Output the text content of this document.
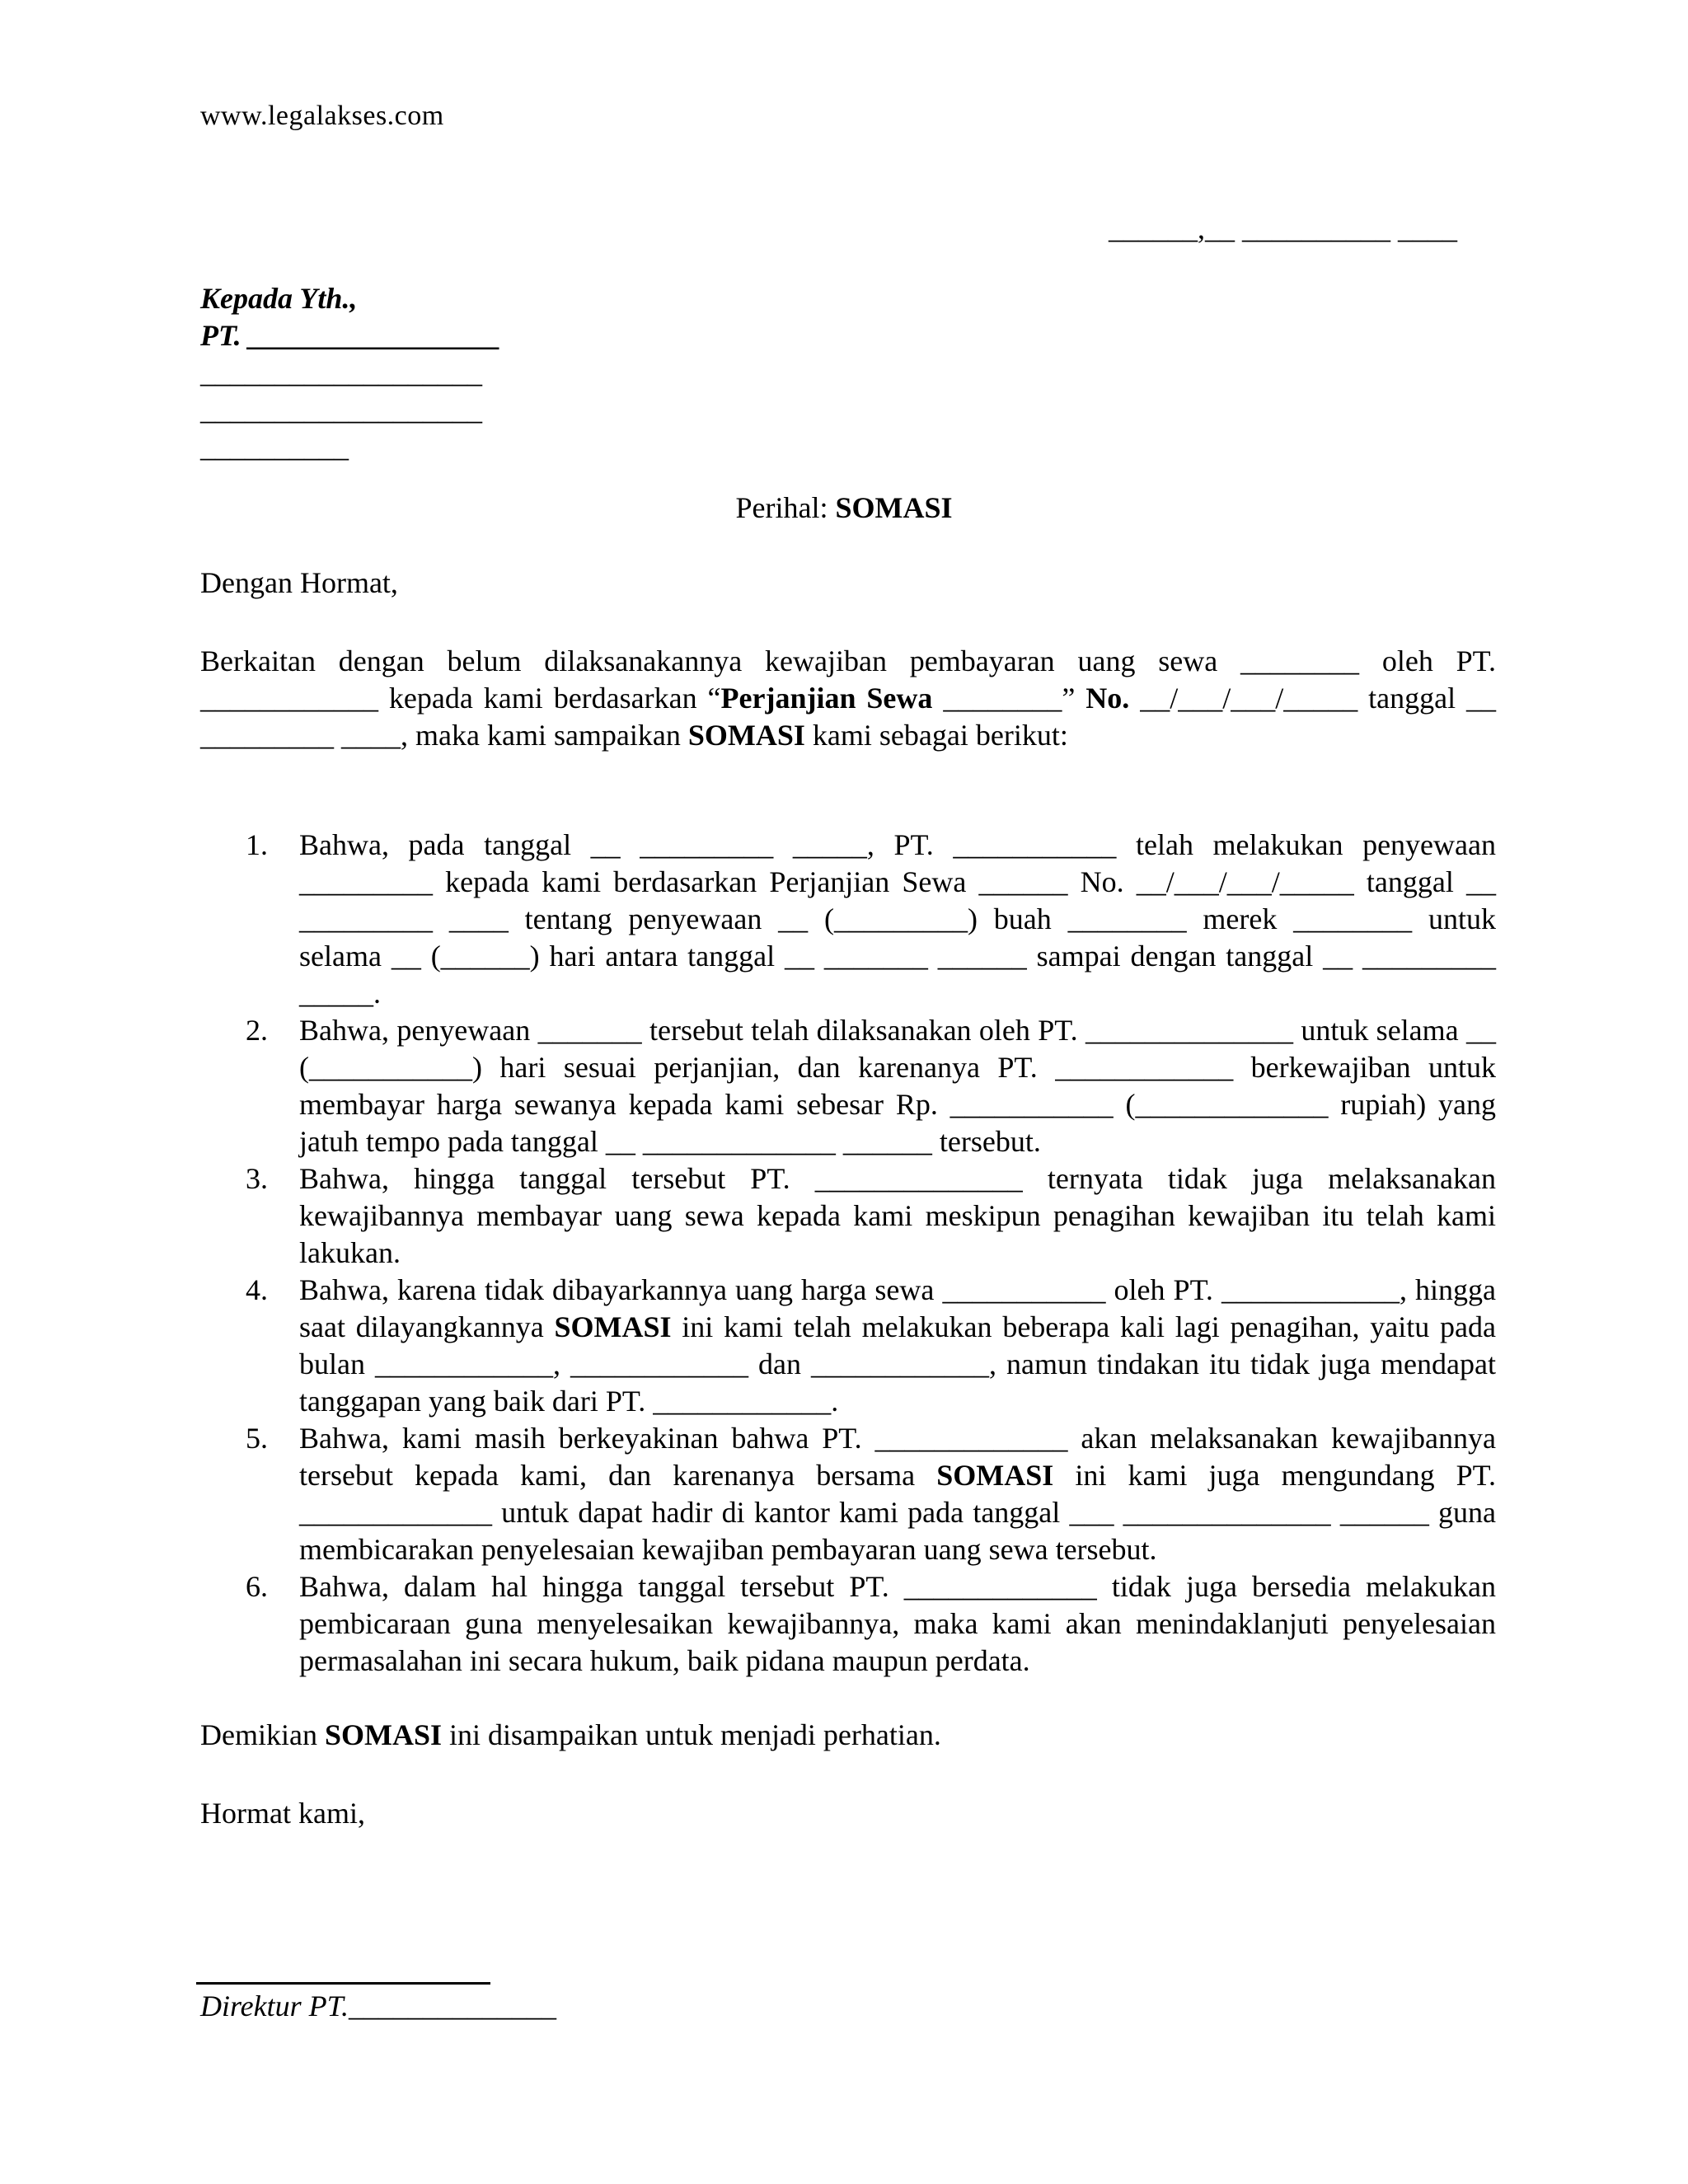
www.legalakses.com
______,__ __________ ____
Kepada Yth.,
PT. _________________
___________________
___________________
__________
Perihal: SOMASI
Dengan Hormat,
Berkaitan dengan belum dilaksanakannya kewajiban pembayaran uang sewa ________ oleh PT. ____________ kepada kami berdasarkan “Perjanjian Sewa ________” No. __/___/___/_____ tanggal __ _________ ____, maka kami sampaikan SOMASI kami sebagai berikut:
1. Bahwa, pada tanggal __ _________ _____, PT. ___________ telah melakukan penyewaan _________ kepada kami berdasarkan Perjanjian Sewa ______ No. __/___/___/_____ tanggal __ _________ ____ tentang penyewaan __ (_________) buah ________ merek ________ untuk selama __ (______) hari antara tanggal __ _______ ______ sampai dengan tanggal __ _________ _____.
2. Bahwa, penyewaan _______ tersebut telah dilaksanakan oleh PT. ______________ untuk selama __ (___________) hari sesuai perjanjian, dan karenanya PT. ____________ berkewajiban untuk membayar harga sewanya kepada kami sebesar Rp. ___________ (_____________ rupiah) yang jatuh tempo pada tanggal __ _____________ ______ tersebut.
3. Bahwa, hingga tanggal tersebut PT. ______________ ternyata tidak juga melaksanakan kewajibannya membayar uang sewa kepada kami meskipun penagihan kewajiban itu telah kami lakukan.
4. Bahwa, karena tidak dibayarkannya uang harga sewa ___________ oleh PT. ____________, hingga saat dilayangkannya SOMASI ini kami telah melakukan beberapa kali lagi penagihan, yaitu pada bulan ____________, ____________ dan ____________, namun tindakan itu tidak juga mendapat tanggapan yang baik dari PT. ____________.
5. Bahwa, kami masih berkeyakinan bahwa PT. _____________ akan melaksanakan kewajibannya tersebut kepada kami, dan karenanya bersama SOMASI ini kami juga mengundang PT. _____________ untuk dapat hadir di kantor kami pada tanggal ___ ______________ ______ guna membicarakan penyelesaian kewajiban pembayaran uang sewa tersebut.
6. Bahwa, dalam hal hingga tanggal tersebut PT. _____________ tidak juga bersedia melakukan pembicaraan guna menyelesaikan kewajibannya, maka kami akan menindaklanjuti penyelesaian permasalahan ini secara hukum, baik pidana maupun perdata.
Demikian SOMASI ini disampaikan untuk menjadi perhatian.
Hormat kami,
Direktur PT.______________
